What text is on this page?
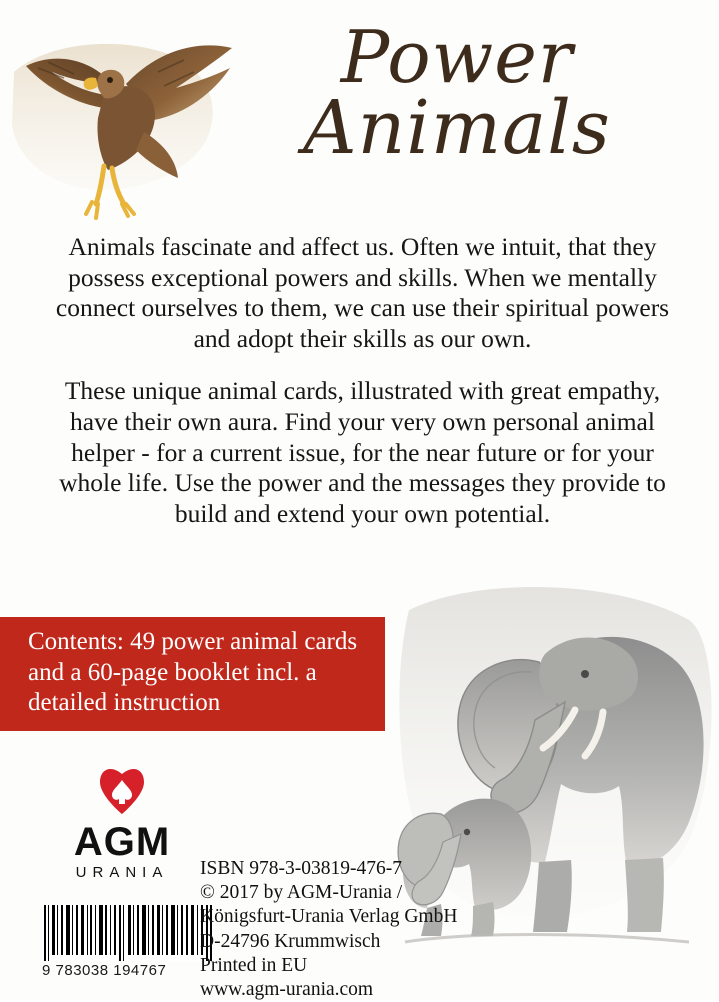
Power
Animals

Animals fascinate and affect us. Often we intuit, that they possess exceptional powers and skills. When we mentally connect ourselves to them, we can use their spiritual powers and adopt their skills as our own.

These unique animal cards, illustrated with great empathy, have their own aura. Find your very own personal animal helper - for a current issue, for the near future or for your whole life. Use the power and the messages they provide to build and extend your own potential.

Contents: 49 power animal cards and a 60-page booklet incl. a detailed instruction
AGM
URANIA
9 783038 194767
ISBN 978-3-03819-476-7
© 2017 by AGM-Urania /
Königsfurt-Urania Verlag GmbH
D-24796 Krummwisch
Printed in EU
www.agm-urania.com
